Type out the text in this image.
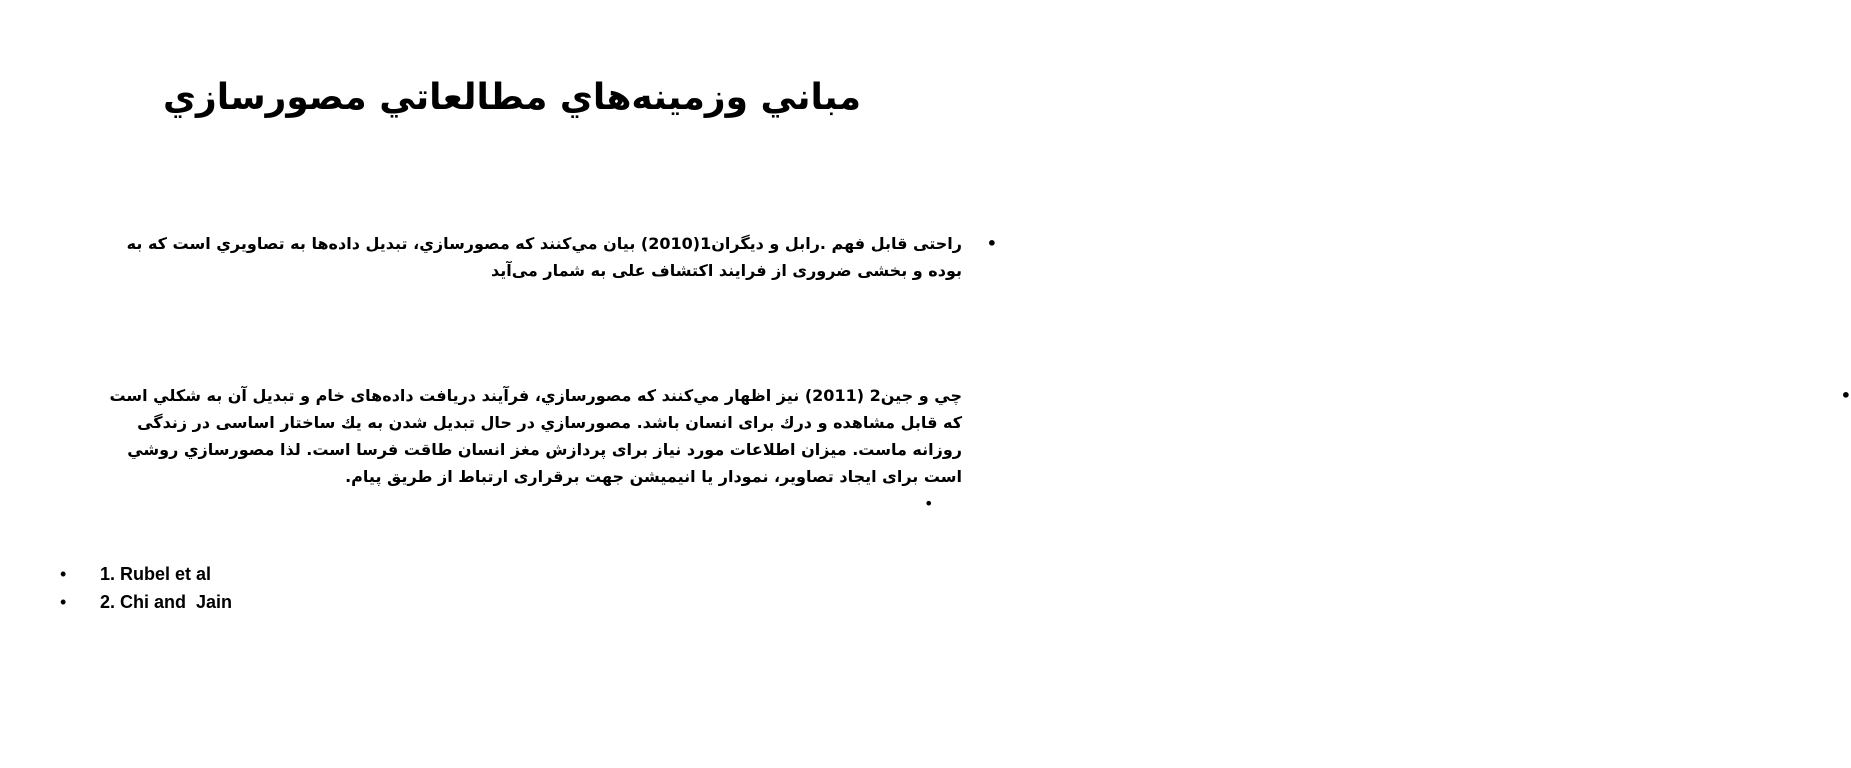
مباني وزمينه‌هاي مطالعاتي مصورسازي
•
راحتی قابل فهم .رابل و دیگران1(2010) بيان مي‌كنند كه مصورسازي، تبديل داده‌ها به تصاويري است كه به بوده و بخشی ضروری از فرایند اکتشاف علی به شمار می‌آید
•
چي و جين2 (2011) نیز اظهار مي‌كنند كه مصورسازي، فرآيند دريافت داده‌های خام و تبديل آن به شكلي است كه قابل مشاهده و درك براى انسان باشد. مصورسازي در حال تبديل شدن به يك ساختار اساسی در زندگی روزانه ماست. ميزان اطلاعات مورد نیاز برای پردازش مغز انسان طاقت فرسا است. لذا مصورسازي روشي است برای ایجاد تصاویر، نمودار یا انیمیشن جهت برقراری ارتباط از طریق پیام.
•
• 1. Rubel et al
• 2. Chi and  Jain
